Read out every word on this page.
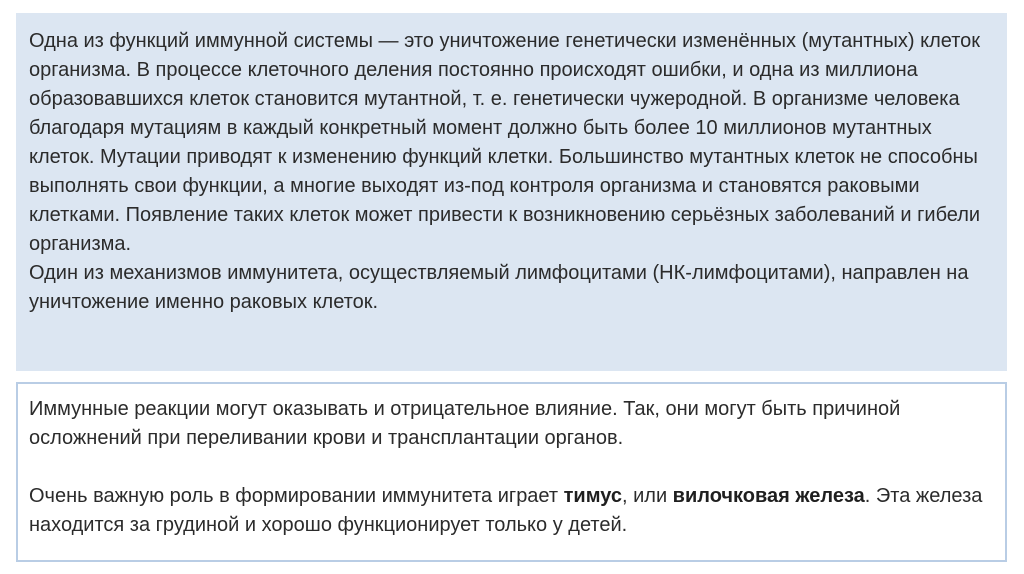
Одна из функций иммунной системы — это уничтожение генетически изменённых (мутантных) клеток организма. В процессе клеточного деления постоянно происходят ошибки, и одна из миллиона образовавшихся клеток становится мутантной, т. е. генетически чужеродной. В организме человека благодаря мутациям в каждый конкретный момент должно быть более 10 миллионов мутантных клеток. Мутации приводят к изменению функций клетки. Большинство мутантных клеток не способны выполнять свои функции, а многие выходят из-под контроля организма и становятся раковыми клетками. Появление таких клеток может привести к возникновению серьёзных заболеваний и гибели организма.

Один из механизмов иммунитета, осуществляемый лимфоцитами (НК-лимфоцитами), направлен на уничтожение именно раковых клеток.

Иммунные реакции могут оказывать и отрицательное влияние. Так, они могут быть причиной осложнений при переливании крови и трансплантации органов.

Очень важную роль в формировании иммунитета играет тимус, или вилочковая железа. Эта железа находится за грудиной и хорошо функционирует только у детей.
